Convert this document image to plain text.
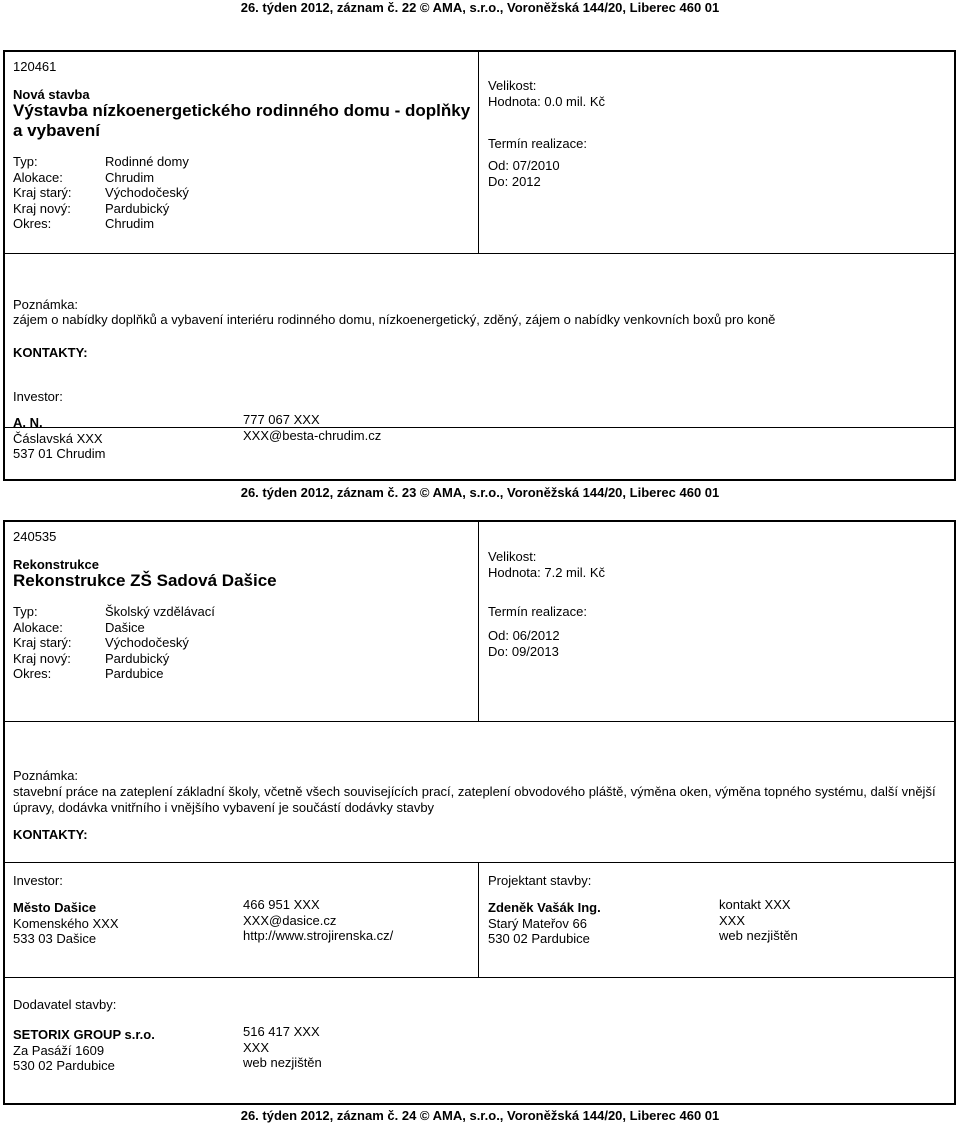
26. týden 2012, záznam č. 22 © AMA, s.r.o., Voroněžská 144/20, Liberec 460 01
120461
Nová stavba
Výstavba nízkoenergetického rodinného domu - doplňky
a vybavení
Typ:	Rodinné domy
Alokace:	Chrudim
Kraj starý:	Východočeský
Kraj nový:	Pardubický
Okres:	Chrudim
Velikost:
Hodnota: 0.0 mil. Kč
Termín realizace:
Od: 07/2010
Do: 2012
Poznámka:
zájem o nabídky doplňků a vybavení interiéru rodinného domu, nízkoenergetický, zděný, zájem o nabídky venkovních boxů pro koně
KONTAKTY:
Investor:
A. N.
Čáslavská XXX
537 01 Chrudim
777 067 XXX
XXX@besta-chrudim.cz
26. týden 2012, záznam č. 23 © AMA, s.r.o., Voroněžská 144/20, Liberec 460 01
240535
Rekonstrukce
Rekonstrukce ZŠ Sadová Dašice
Typ:	Školský vzdělávací
Alokace:	Dašice
Kraj starý:	Východočeský
Kraj nový:	Pardubický
Okres:	Pardubice
Velikost:
Hodnota: 7.2 mil. Kč
Termín realizace:
Od: 06/2012
Do: 09/2013
Poznámka:
stavební práce na zateplení základní školy, včetně všech souvisejících prací, zateplení obvodového pláště, výměna oken, výměna topného systému, další vnější
úpravy, dodávka vnitřního i vnějšího vybavení je součástí dodávky stavby
KONTAKTY:
Investor:
Město Dašice
Komenského XXX
533 03 Dašice
466 951 XXX
XXX@dasice.cz
http://www.strojirenska.cz/
Projektant stavby:
Zdeněk Vašák Ing.
Starý Mateřov 66
530 02 Pardubice
kontakt XXX
XXX
web nezjištěn
Dodavatel stavby:
SETORIX GROUP s.r.o.
Za Pasáží 1609
530 02 Pardubice
516 417 XXX
XXX
web nezjištěn
26. týden 2012, záznam č. 24 © AMA, s.r.o., Voroněžská 144/20, Liberec 460 01
